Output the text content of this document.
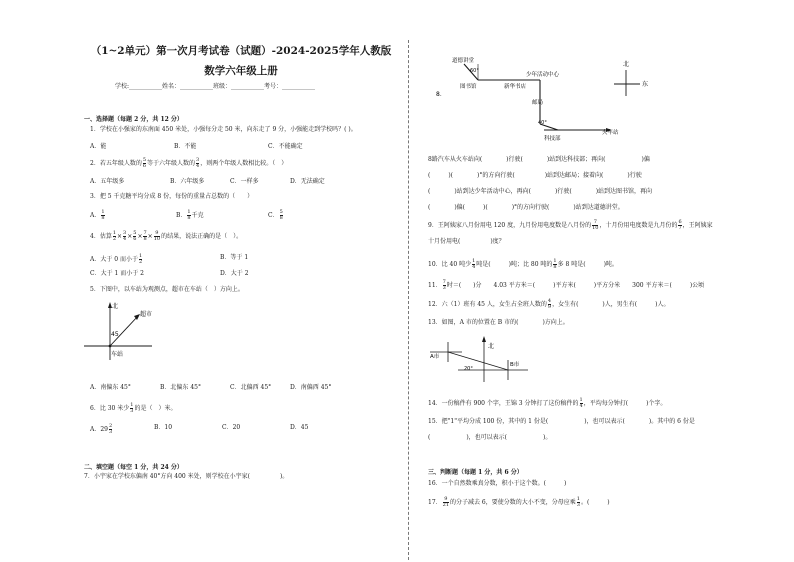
（1~2单元）第一次月考试卷（试题）-2024-2025学年人教版数学六年级上册
学校:___________姓名：___________班级：___________考号：___________
一、选择题（每题 2 分，共 12 分）
1．学校在小强家的东南面 450 米处，小强每分走 50 米，向东走了 9 分，小强能走到学校吗？( )。
A．能	B．不能	C．不能确定
2．若五年级人数的 $\frac{5}{6}$ 等于六年级人数的 $\frac{3}{4}$ ，则两个年级人数相比较。（　）
A．五年级多	B．六年级多	C．一样多	D．无法确定
3．把 5 千克糖平均分成 8 份，每份的重量占总数的（　　）
A． $\frac{1}{8}$	B． $\frac{1}{8}$ 千克	C． $\frac{5}{8}$
4．估算 $\frac{1}{2} \times \frac{3}{4} \times \frac{5}{6} \times \frac{7}{8} \times \frac{9}{10}$ 的结果，说法正确的是（　）。
A．大于 0 而小于 $\frac{1}{2}$	B．等于 1
C．大于 1 而小于 2	D．大于 2
5．下图中，以车站为观测点，超市在车站（　）方向上。
北
超市
车站
45
A．南偏东 45°	B．北偏东 45°	C．北偏西 45°	D．南偏西 45°
6．比 30 米少 $\frac{1}{3}$ 的是（　）米。
A．$29 \frac{2}{3}$	B．10	C．20	D．45
二、填空题（每空 1 分，共 24 分）
7．小宇家在学校东偏南 40°方向 400 米处，则学校在小宇家(　　　　　)。
8．
道德讲堂
60°
40°
图书馆	新华书店
少年活动中心
邮局
科技部
火车站
北
东
8路汽车从火车站向(　　　　)行驶(　　　　)站到达科技部；再向(　　　　　　)偏
(　　　)(　　　　)°的方向行驶(　　　　　)站到达邮局；接着向(　　　　)行驶
(　　　　)站到达少年活动中心，再向(　　　　)行驶(　　　　)站到达图书馆，再向
(　　　　)偏(　　　)(　　　　)°的方向行驶(　　　　)站到达道德讲堂。
9．王阿姨家八月份用电 120 度，九月份用电度数是八月份的 $\frac{7}{10}$ ，十月份用电度数是九月份的 $\frac{6}{7}$ ，王阿姨家
十月份用电(　　　　　)度？
10．比 40 吨少 $\frac{1}{4}$ 吨是(　　　)吨；比 80 吨的 $\frac{1}{8}$ 多 8 吨是(　　　)吨。
11． $\frac{7}{3}$ 时＝(　　)分　　4.03 平方米＝(　　　)平方米(　　　)平方分米　　300 平方米＝(　　　)公顷
12．六（1）班有 45 人，女生占全班人数的 $\frac{4}{9}$ ，女生有(　　　　)人，男生有(　　　)人。
13．如图，A 市的位置在 B 市的(　　　　)方向上。
北
A市
B市
20°
14．一份稿件有 900 个字，王锦 3 分钟打了这份稿件的 $\frac{1}{4}$ ，平均每分钟打(　　　)个字。
15．把"1"平均分成 100 份，其中的 1 份是(　　　　　　)，也可以表示(　　　　)。其中的 6 份是
(　　　　　　)，也可以表示(　　　　　　)。
三、判断题（每题 1 分，共 6 分）
16．一个自然数乘真分数，积小于这个数。(　　　)
17． $\frac{9}{21}$ 的分子减去 6，要使分数的大小不变，分母应乘 $\frac{1}{3}$ 。(　　　)
